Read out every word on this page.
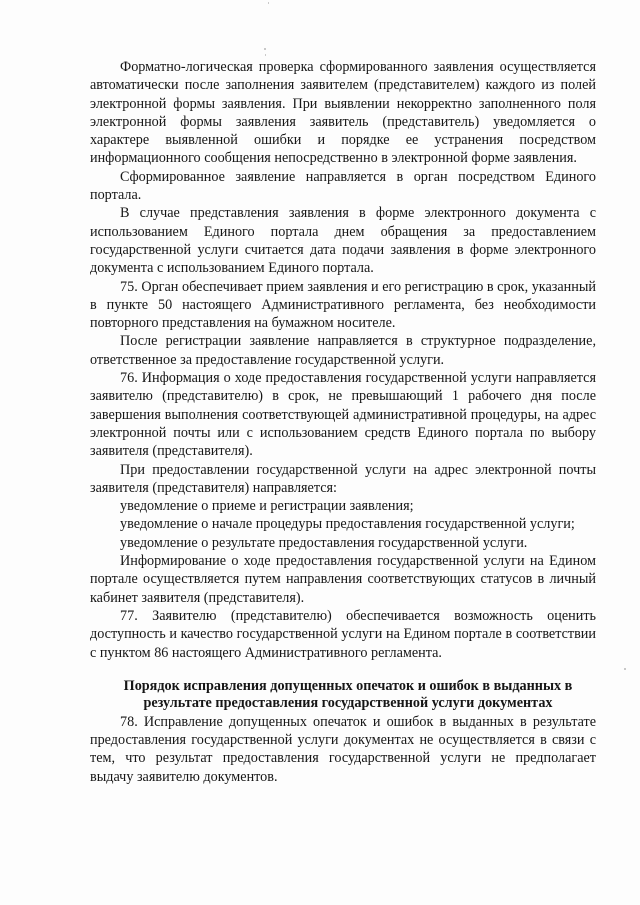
Форматно-логическая проверка сформированного заявления осуществляется автоматически после заполнения заявителем (представителем) каждого из полей электронной формы заявления. При выявлении некорректно заполненного поля электронной формы заявления заявитель (представитель) уведомляется о характере выявленной ошибки и порядке ее устранения посредством информационного сообщения непосредственно в электронной форме заявления.

Сформированное заявление направляется в орган посредством Единого портала.

В случае представления заявления в форме электронного документа с использованием Единого портала днем обращения за предоставлением государственной услуги считается дата подачи заявления в форме электронного документа с использованием Единого портала.

75. Орган обеспечивает прием заявления и его регистрацию в срок, указанный в пункте 50 настоящего Административного регламента, без необходимости повторного представления на бумажном носителе.

После регистрации заявление направляется в структурное подразделение, ответственное за предоставление государственной услуги.

76. Информация о ходе предоставления государственной услуги направляется заявителю (представителю) в срок, не превышающий 1 рабочего дня после завершения выполнения соответствующей административной процедуры, на адрес электронной почты или с использованием средств Единого портала по выбору заявителя (представителя).

При предоставлении государственной услуги на адрес электронной почты заявителя (представителя) направляется:

уведомление о приеме и регистрации заявления;

уведомление о начале процедуры предоставления государственной услуги;

уведомление о результате предоставления государственной услуги.

Информирование о ходе предоставления государственной услуги на Едином портале осуществляется путем направления соответствующих статусов в личный кабинет заявителя (представителя).

77. Заявителю (представителю) обеспечивается возможность оценить доступность и качество государственной услуги на Едином портале в соответствии с пунктом 86 настоящего Административного регламента.

Порядок исправления допущенных опечаток и ошибок в выданных в результате предоставления государственной услуги документах

78. Исправление допущенных опечаток и ошибок в выданных в результате предоставления государственной услуги документах не осуществляется в связи с тем, что результат предоставления государственной услуги не предполагает выдачу заявителю документов.
